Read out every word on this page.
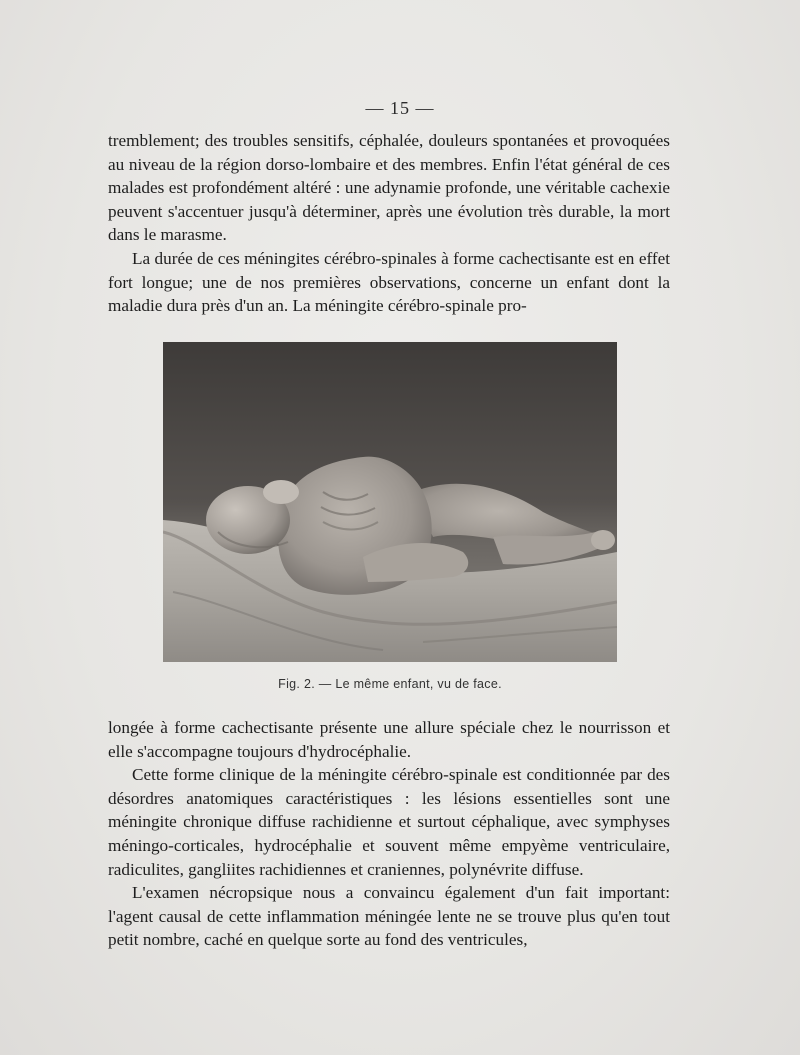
— 15 —

tremblement; des troubles sensitifs, céphalée, douleurs spontanées et provoquées au niveau de la région dorso-lombaire et des membres. Enfin l'état général de ces malades est profondément altéré : une adynamie profonde, une véritable cachexie peuvent s'accentuer jusqu'à déterminer, après une évolution très durable, la mort dans le marasme.

La durée de ces méningites cérébro-spinales à forme cachectisante est en effet fort longue; une de nos premières observations, concerne un enfant dont la maladie dura près d'un an. La méningite cérébro-spinale pro-

Fig. 2. — Le même enfant, vu de face.

longée à forme cachectisante présente une allure spéciale chez le nourrisson et elle s'accompagne toujours d'hydrocéphalie.

Cette forme clinique de la méningite cérébro-spinale est conditionnée par des désordres anatomiques caractéristiques : les lésions essentielles sont une méningite chronique diffuse rachidienne et surtout céphalique, avec symphyses méningo-corticales, hydrocéphalie et souvent même empyème ventriculaire, radiculites, gangliites rachidiennes et craniennes, polynévrite diffuse.

L'examen nécropsique nous a convaincu également d'un fait important: l'agent causal de cette inflammation méningée lente ne se trouve plus qu'en tout petit nombre, caché en quelque sorte au fond des ventricules,
